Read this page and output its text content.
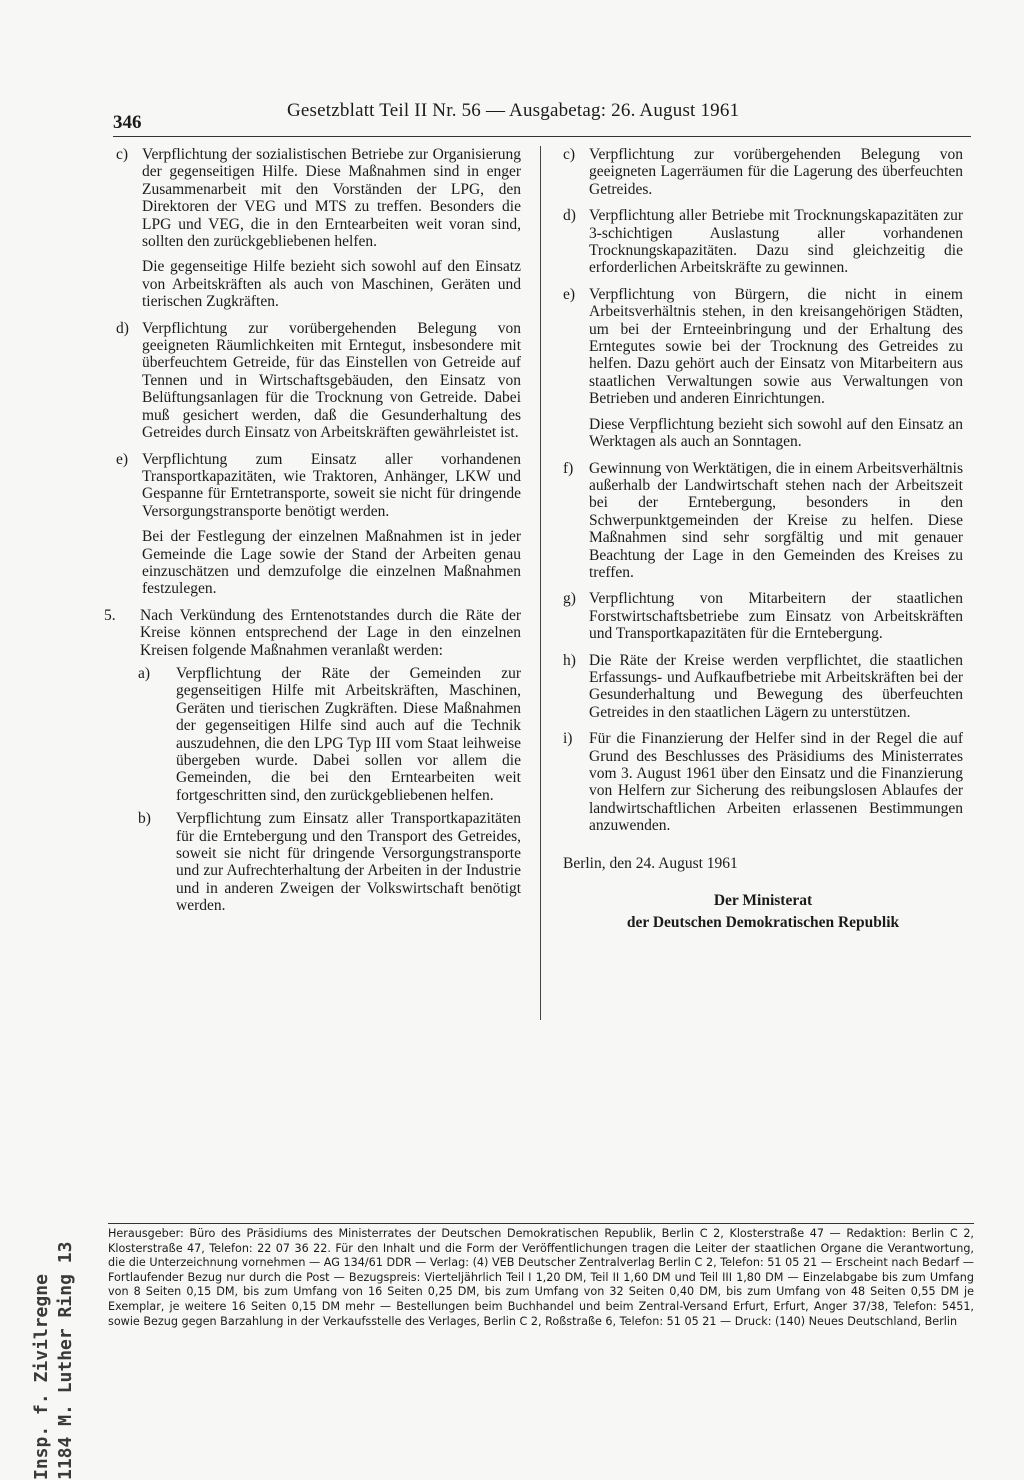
346
Gesetzblatt Teil II Nr. 56 — Ausgabetag: 26. August 1961
c) Verpflichtung der sozialistischen Betriebe zur Organisierung der gegenseitigen Hilfe. Diese Maßnahmen sind in enger Zusammenarbeit mit den Vorständen der LPG, den Direktoren der VEG und MTS zu treffen. Besonders die LPG und VEG, die in den Erntearbeiten weit voran sind, sollten den zurückgebliebenen helfen.

Die gegenseitige Hilfe bezieht sich sowohl auf den Einsatz von Arbeitskräften als auch von Maschinen, Geräten und tierischen Zugkräften.

d) Verpflichtung zur vorübergehenden Belegung von geeigneten Räumlichkeiten mit Erntegut, insbesondere mit überfeuchtem Getreide, für das Einstellen von Getreide auf Tennen und in Wirtschaftsgebäuden, den Einsatz von Belüftungsanlagen für die Trocknung von Getreide. Dabei muß gesichert werden, daß die Gesunderhaltung des Getreides durch Einsatz von Arbeitskräften gewährleistet ist.

e) Verpflichtung zum Einsatz aller vorhandenen Transportkapazitäten, wie Traktoren, Anhänger, LKW und Gespanne für Erntetransporte, soweit sie nicht für dringende Versorgungstransporte benötigt werden.

Bei der Festlegung der einzelnen Maßnahmen ist in jeder Gemeinde die Lage sowie der Stand der Arbeiten genau einzuschätzen und demzufolge die einzelnen Maßnahmen festzulegen.

5. Nach Verkündung des Erntenotstandes durch die Räte der Kreise können entsprechend der Lage in den einzelnen Kreisen folgende Maßnahmen veranlaßt werden:

a) Verpflichtung der Räte der Gemeinden zur gegenseitigen Hilfe mit Arbeitskräften, Maschinen, Geräten und tierischen Zugkräften. Diese Maßnahmen der gegenseitigen Hilfe sind auch auf die Technik auszudehnen, die den LPG Typ III vom Staat leihweise übergeben wurde. Dabei sollen vor allem die Gemeinden, die bei den Erntearbeiten weit fortgeschritten sind, den zurückgebliebenen helfen.

b) Verpflichtung zum Einsatz aller Transportkapazitäten für die Erntebergung und den Transport des Getreides, soweit sie nicht für dringende Versorgungstransporte und zur Aufrechterhaltung der Arbeiten in der Industrie und in anderen Zweigen der Volkswirtschaft benötigt werden.

c) Verpflichtung zur vorübergehenden Belegung von geeigneten Lagerräumen für die Lagerung des überfeuchten Getreides.

d) Verpflichtung aller Betriebe mit Trocknungskapazitäten zur 3-schichtigen Auslastung aller vorhandenen Trocknungskapazitäten. Dazu sind gleichzeitig die erforderlichen Arbeitskräfte zu gewinnen.

e) Verpflichtung von Bürgern, die nicht in einem Arbeitsverhältnis stehen, in den kreisangehörigen Städten, um bei der Ernteeinbringung und der Erhaltung des Erntegutes sowie bei der Trocknung des Getreides zu helfen. Dazu gehört auch der Einsatz von Mitarbeitern aus staatlichen Verwaltungen sowie aus Verwaltungen von Betrieben und anderen Einrichtungen.

Diese Verpflichtung bezieht sich sowohl auf den Einsatz an Werktagen als auch an Sonntagen.

f) Gewinnung von Werktätigen, die in einem Arbeitsverhältnis außerhalb der Landwirtschaft stehen nach der Arbeitszeit bei der Erntebergung, besonders in den Schwerpunktgemeinden der Kreise zu helfen. Diese Maßnahmen sind sehr sorgfältig und mit genauer Beachtung der Lage in den Gemeinden des Kreises zu treffen.

g) Verpflichtung von Mitarbeitern der staatlichen Forstwirtschaftsbetriebe zum Einsatz von Arbeitskräften und Transportkapazitäten für die Erntebergung.

h) Die Räte der Kreise werden verpflichtet, die staatlichen Erfassungs- und Aufkaufbetriebe mit Arbeitskräften bei der Gesunderhaltung und Bewegung des überfeuchten Getreides in den staatlichen Lägern zu unterstützen.

i) Für die Finanzierung der Helfer sind in der Regel die auf Grund des Beschlusses des Präsidiums des Ministerrates vom 3. August 1961 über den Einsatz und die Finanzierung von Helfern zur Sicherung des reibungslosen Ablaufes der landwirtschaftlichen Arbeiten erlassenen Bestimmungen anzuwenden.

Berlin, den 24. August 1961
Der Ministerat
der Deutschen Demokratischen Republik
Herausgeber: Büro des Präsidiums des Ministerrates der Deutschen Demokratischen Republik, Berlin C 2, Klosterstraße 47 — Redaktion: Berlin C 2, Klosterstraße 47, Telefon: 22 07 36 22. Für den Inhalt und die Form der Veröffentlichungen tragen die Leiter der staatlichen Organe die Verantwortung, die die Unterzeichnung vornehmen — AG 134/61 DDR — Verlag: (4) VEB Deutscher Zentralverlag Berlin C 2, Telefon: 51 05 21 — Erscheint nach Bedarf — Fortlaufender Bezug nur durch die Post — Bezugspreis: Vierteljährlich Teil I 1,20 DM, Teil II 1,60 DM und Teil III 1,80 DM — Einzelabgabe bis zum Umfang von 8 Seiten 0,15 DM, bis zum Umfang von 16 Seiten 0,25 DM, bis zum Umfang von 32 Seiten 0,40 DM, bis zum Umfang von 48 Seiten 0,55 DM je Exemplar, je weitere 16 Seiten 0,15 DM mehr — Bestellungen beim Buchhandel und beim Zentral-Versand Erfurt, Erfurt, Anger 37/38, Telefon: 5451, sowie Bezug gegen Barzahlung in der Verkaufsstelle des Verlages, Berlin C 2, Roßstraße 6, Telefon: 51 05 21 — Druck: (140) Neues Deutschland, Berlin
Insp. f. Zivilregne 1184 M. Luther Ring 13
